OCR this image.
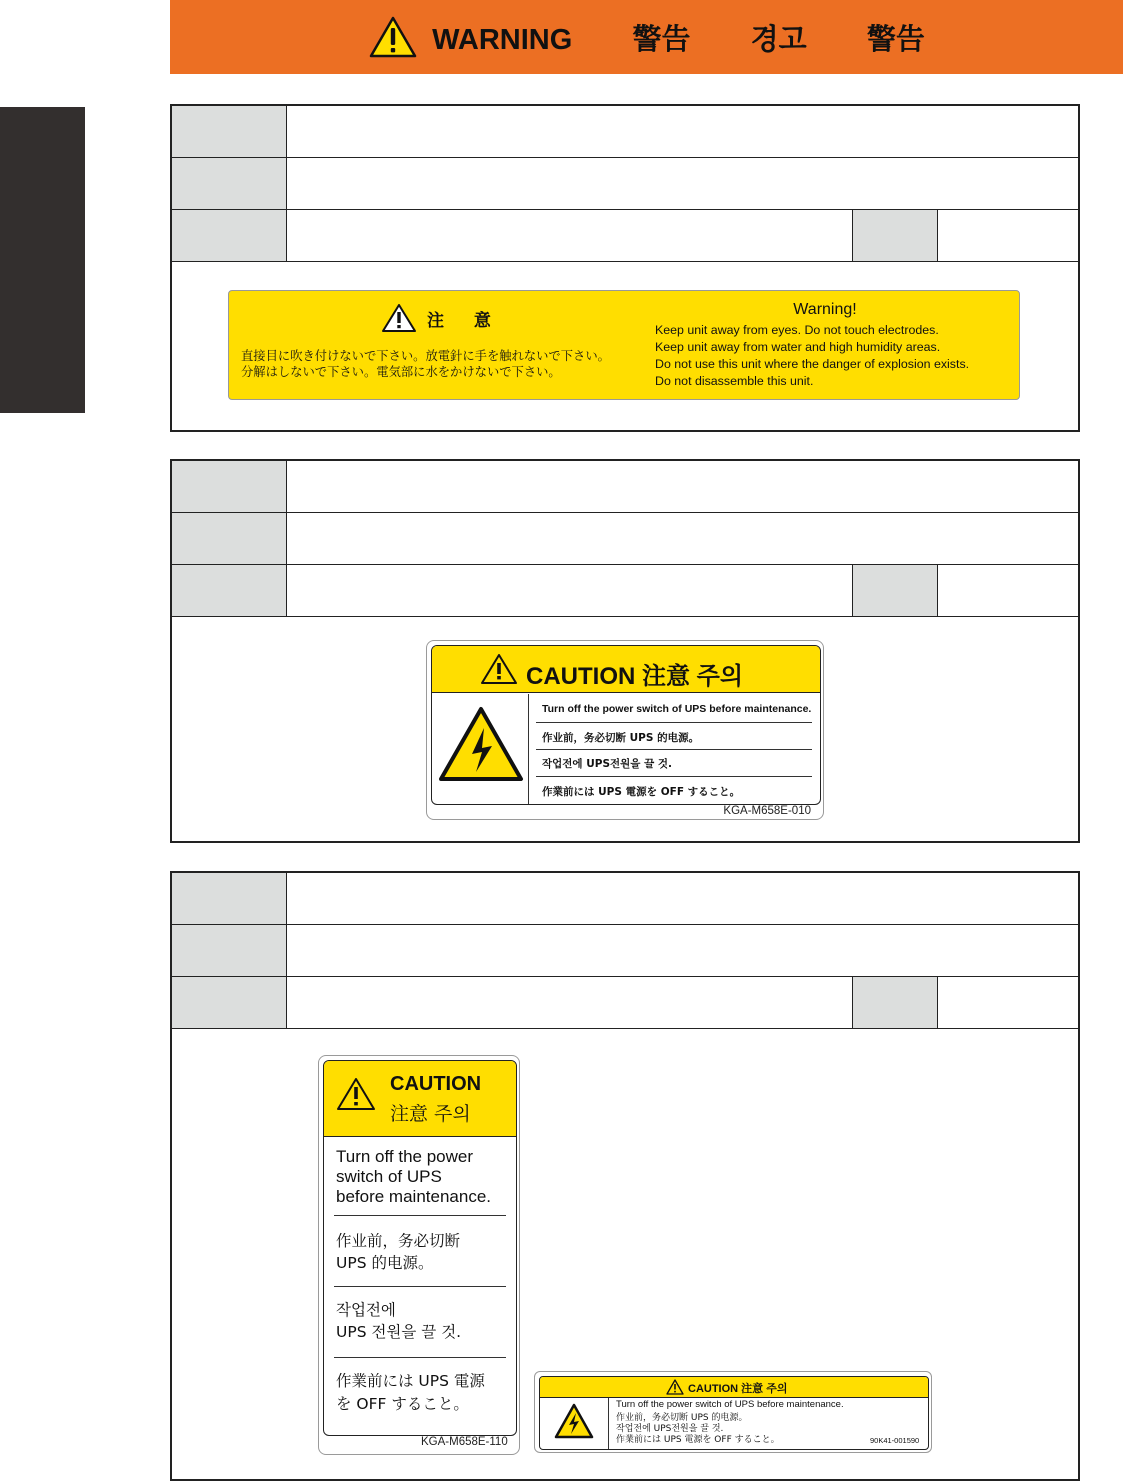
WARNING   警告   경고   警告
注 意
直接目に吹き付けないで下さい。放電針に手を触れないで下さい。
分解はしないで下さい。電気部に水をかけないで下さい。
Warning!
Keep unit away from eyes. Do not touch electrodes.
Keep unit away from water and high humidity areas.
Do not use this unit where the danger of explosion exists.
Do not disassemble this unit.
CAUTION 注意 주의
Turn off the power switch of UPS before maintenance.
作业前，务必切断 UPS 的电源。
작업전에 UPS전원을 끌 것.
作業前には UPS 電源を OFF すること。
KGA-M658E-010
CAUTION
注意 주의
Turn off the power
switch of UPS
before maintenance.
作业前，务必切断
UPS 的电源。
작업전에
UPS 전원을 끌 것.
作業前には UPS 電源
を OFF すること。
KGA-M658E-110
CAUTION 注意 주의
Turn off the power switch of UPS before maintenance.
作业前，务必切断 UPS 的电源。
작업전에 UPS전원을 끌 것.
作業前には UPS 電源を OFF すること。	90K41-001590
